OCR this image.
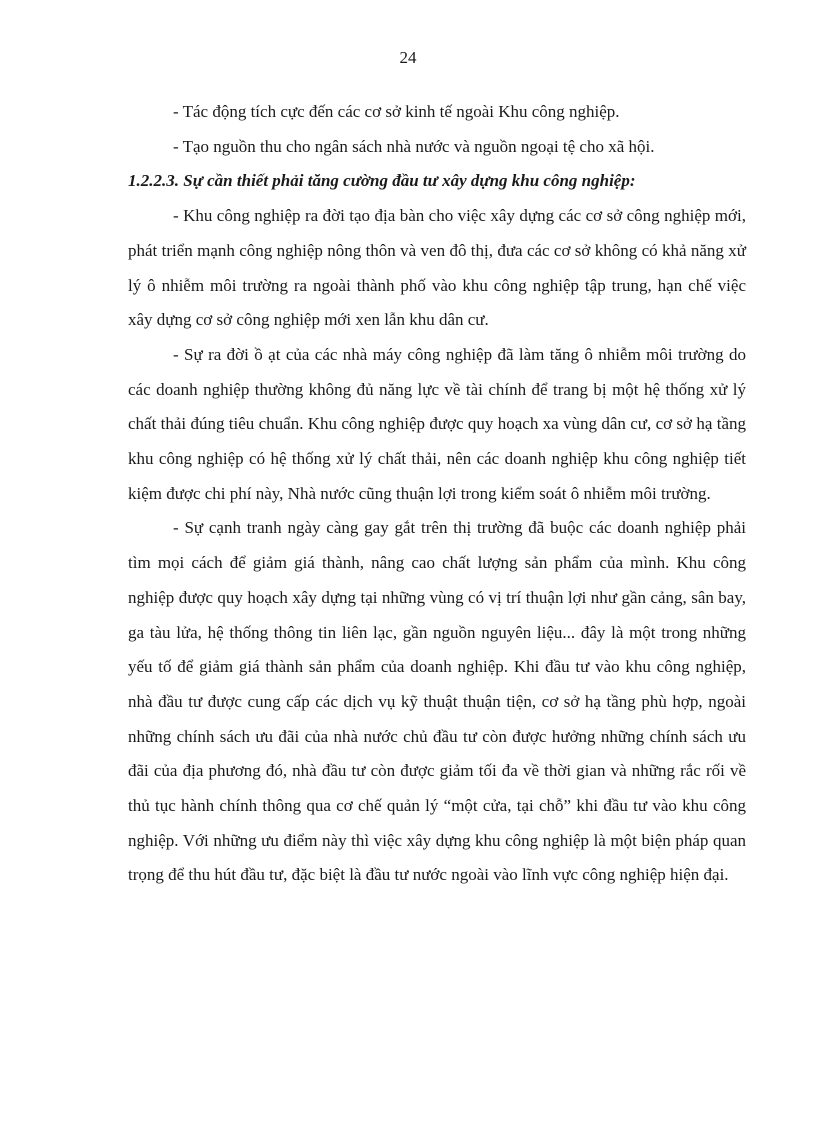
24

- Tác động tích cực đến các cơ sở kinh tế ngoài Khu công nghiệp.

- Tạo nguồn thu cho ngân sách nhà nước và nguồn ngoại tệ cho xã hội.

1.2.2.3. Sự cần thiết phải tăng cường đầu tư xây dựng khu công nghiệp:

- Khu công nghiệp ra đời tạo địa bàn cho việc xây dựng các cơ sở công nghiệp mới, phát triển mạnh công nghiệp nông thôn và ven đô thị, đưa các cơ sở không có khả năng xử lý ô nhiễm môi trường ra ngoài thành phố vào khu công nghiệp tập trung, hạn chế việc xây dựng cơ sở công nghiệp mới xen lẫn khu dân cư.

- Sự ra đời ồ ạt của các nhà máy công nghiệp đã làm tăng ô nhiễm môi trường do các doanh nghiệp thường không đủ năng lực về tài chính để trang bị một hệ thống xử lý chất thải đúng tiêu chuẩn. Khu công nghiệp được quy hoạch xa vùng dân cư, cơ sở hạ tầng khu công nghiệp có hệ thống xử lý chất thải, nên các doanh nghiệp khu công nghiệp tiết kiệm được chi phí này, Nhà nước cũng thuận lợi trong kiểm soát ô nhiễm môi trường.

- Sự cạnh tranh ngày càng gay gắt trên thị trường đã buộc các doanh nghiệp phải tìm mọi cách để giảm giá thành, nâng cao chất lượng sản phẩm của mình. Khu công nghiệp được quy hoạch xây dựng tại những vùng có vị trí thuận lợi như gần cảng, sân bay, ga tàu lửa, hệ thống thông tin liên lạc, gần nguồn nguyên liệu... đây là một trong những yếu tố để giảm giá thành sản phẩm của doanh nghiệp. Khi đầu tư vào khu công nghiệp, nhà đầu tư được cung cấp các dịch vụ kỹ thuật thuận tiện, cơ sở hạ tầng phù hợp, ngoài những chính sách ưu đãi của nhà nước chủ đầu tư còn được hưởng những chính sách ưu đãi của địa phương đó, nhà đầu tư còn được giảm tối đa về thời gian và những rắc rối về thủ tục hành chính thông qua cơ chế quản lý “một cửa, tại chỗ” khi đầu tư vào khu công nghiệp. Với những ưu điểm này thì việc xây dựng khu công nghiệp là một biện pháp quan trọng để thu hút đầu tư, đặc biệt là đầu tư nước ngoài vào lĩnh vực công nghiệp hiện đại.
